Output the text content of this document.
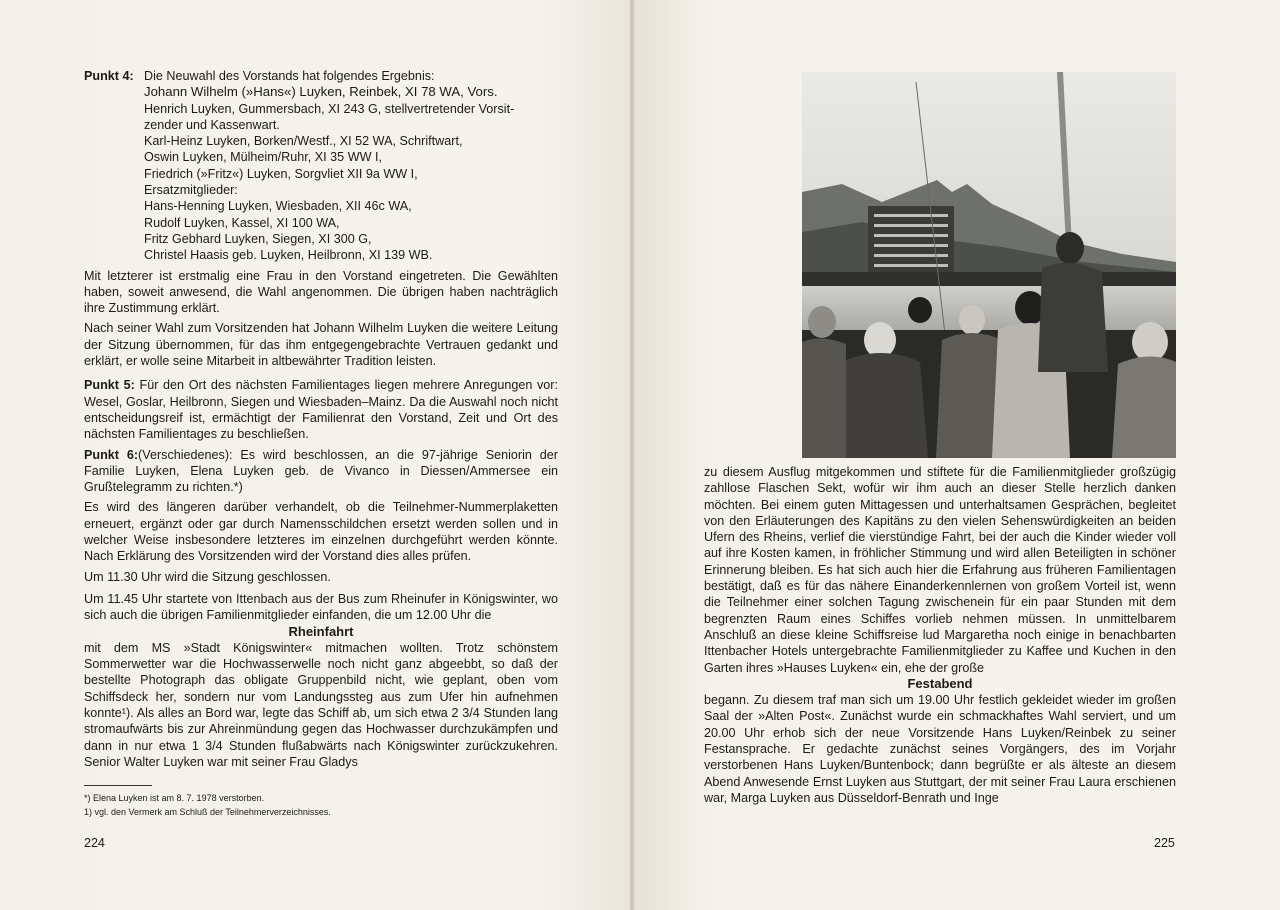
Punkt 4: Die Neuwahl des Vorstands hat folgendes Ergebnis:

Johann Wilhelm (»Hans«) Luyken, Reinbek, XI 78 WA, Vors.

Henrich Luyken, Gummersbach, XI 243 G, stellvertretender Vorsit-

zender und Kassenwart.

Karl-Heinz Luyken, Borken/Westf., XI 52 WA, Schriftwart,

Oswin Luyken, Mülheim/Ruhr, XI 35 WW I,

Friedrich (»Fritz«) Luyken, Sorgvliet XII 9a WW I,

Ersatzmitglieder:

Hans-Henning Luyken, Wiesbaden, XII 46c WA,

Rudolf Luyken, Kassel, XI 100 WA,

Fritz Gebhard Luyken, Siegen, XI 300 G,

Christel Haasis geb. Luyken, Heilbronn, XI 139 WB.

Mit letzterer ist erstmalig eine Frau in den Vorstand eingetreten. Die Gewählten haben, soweit anwesend, die Wahl angenommen. Die übrigen haben nachträglich ihre Zustimmung erklärt.

Nach seiner Wahl zum Vorsitzenden hat Johann Wilhelm Luyken die weitere Leitung der Sitzung übernommen, für das ihm entgegengebrachte Vertrauen gedankt und erklärt, er wolle seine Mitarbeit in altbewährter Tradition leisten.

Punkt 5: Für den Ort des nächsten Familientages liegen mehrere Anregungen vor: Wesel, Goslar, Heilbronn, Siegen und Wiesbaden–Mainz. Da die Auswahl noch nicht entscheidungsreif ist, ermächtigt der Familienrat den Vorstand, Zeit und Ort des nächsten Familientages zu beschließen.

Punkt 6:(Verschiedenes): Es wird beschlossen, an die 97-jährige Seniorin der Familie Luyken, Elena Luyken geb. de Vivanco in Diessen/Ammersee ein Grußtelegramm zu richten.*)

Es wird des längeren darüber verhandelt, ob die Teilnehmer-Nummerplaketten erneuert, ergänzt oder gar durch Namensschildchen ersetzt werden sollen und in welcher Weise insbesondere letzteres im einzelnen durchgeführt werden könnte. Nach Erklärung des Vorsitzenden wird der Vorstand dies alles prüfen.

Um 11.30 Uhr wird die Sitzung geschlossen.

Um 11.45 Uhr startete von Ittenbach aus der Bus zum Rheinufer in Königswinter, wo sich auch die übrigen Familienmitglieder einfanden, die um 12.00 Uhr die

Rheinfahrt

mit dem MS »Stadt Königswinter« mitmachen wollten. Trotz schönstem Sommerwetter war die Hochwasserwelle noch nicht ganz abgeebbt, so daß der bestellte Photograph das obligate Gruppenbild nicht, wie geplant, oben vom Schiffsdeck her, sondern nur vom Landungssteg aus zum Ufer hin aufnehmen konnte¹). Als alles an Bord war, legte das Schiff ab, um sich etwa 2 3/4 Stunden lang stromaufwärts bis zur Ahreinmündung gegen das Hochwasser durchzukämpfen und dann in nur etwa 1 3/4 Stunden flußabwärts nach Königswinter zurückzukehren. Senior Walter Luyken war mit seiner Frau Gladys

*) Elena Luyken ist am 8. 7. 1978 verstorben.
1) vgl. den Vermerk am Schluß der Teilnehmerverzeichnisses.
224

zu diesem Ausflug mitgekommen und stiftete für die Familienmitglieder großzügig zahllose Flaschen Sekt, wofür wir ihm auch an dieser Stelle herzlich danken möchten. Bei einem guten Mittagessen und unterhaltsamen Gesprächen, begleitet von den Erläuterungen des Kapitäns zu den vielen Sehenswürdigkeiten an beiden Ufern des Rheins, verlief die vierstündige Fahrt, bei der auch die Kinder wieder voll auf ihre Kosten kamen, in fröhlicher Stimmung und wird allen Beteiligten in schöner Erinnerung bleiben. Es hat sich auch hier die Erfahrung aus früheren Familientagen bestätigt, daß es für das nähere Einanderkennlernen von großem Vorteil ist, wenn die Teilnehmer einer solchen Tagung zwischenein für ein paar Stunden mit dem begrenzten Raum eines Schiffes vorlieb nehmen müssen. In unmittelbarem Anschluß an diese kleine Schiffsreise lud Margaretha noch einige in benachbarten Ittenbacher Hotels untergebrachte Familienmitglieder zu Kaffee und Kuchen in den Garten ihres »Hauses Luyken« ein, ehe der große

Festabend

begann. Zu diesem traf man sich um 19.00 Uhr festlich gekleidet wieder im großen Saal der »Alten Post«. Zunächst wurde ein schmackhaftes Wahl serviert, und um 20.00 Uhr erhob sich der neue Vorsitzende Hans Luyken/Reinbek zu seiner Festansprache. Er gedachte zunächst seines Vorgängers, des im Vorjahr verstorbenen Hans Luyken/Buntenbock; dann begrüßte er als älteste an diesem Abend Anwesende Ernst Luyken aus Stuttgart, der mit seiner Frau Laura erschienen war, Marga Luyken aus Düsseldorf-Benrath und Inge

225
